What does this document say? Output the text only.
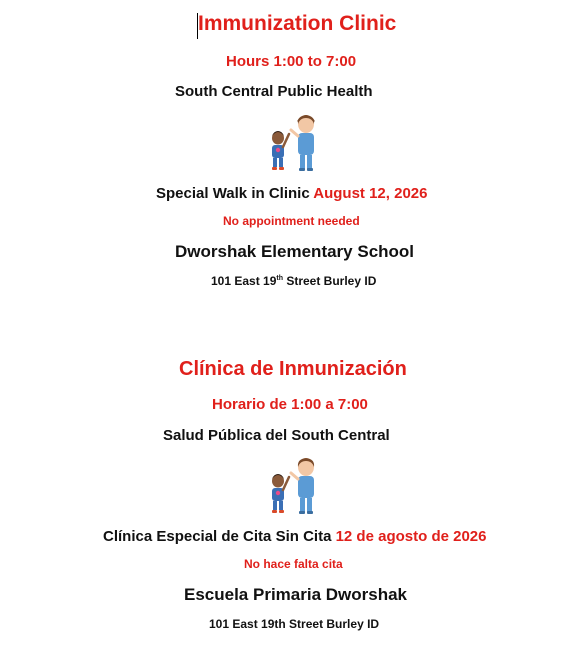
Immunization Clinic
Hours 1:00 to 7:00
South Central Public Health
Special Walk in Clinic August 12, 2026
No appointment needed
Dworshak Elementary School
101 East 19th Street Burley ID
Clínica de Inmunización
Horario de 1:00 a 7:00
Salud Pública del South Central
Clínica Especial de Cita Sin Cita 12 de agosto de 2026
No hace falta cita
Escuela Primaria Dworshak
101 East 19th Street Burley ID
